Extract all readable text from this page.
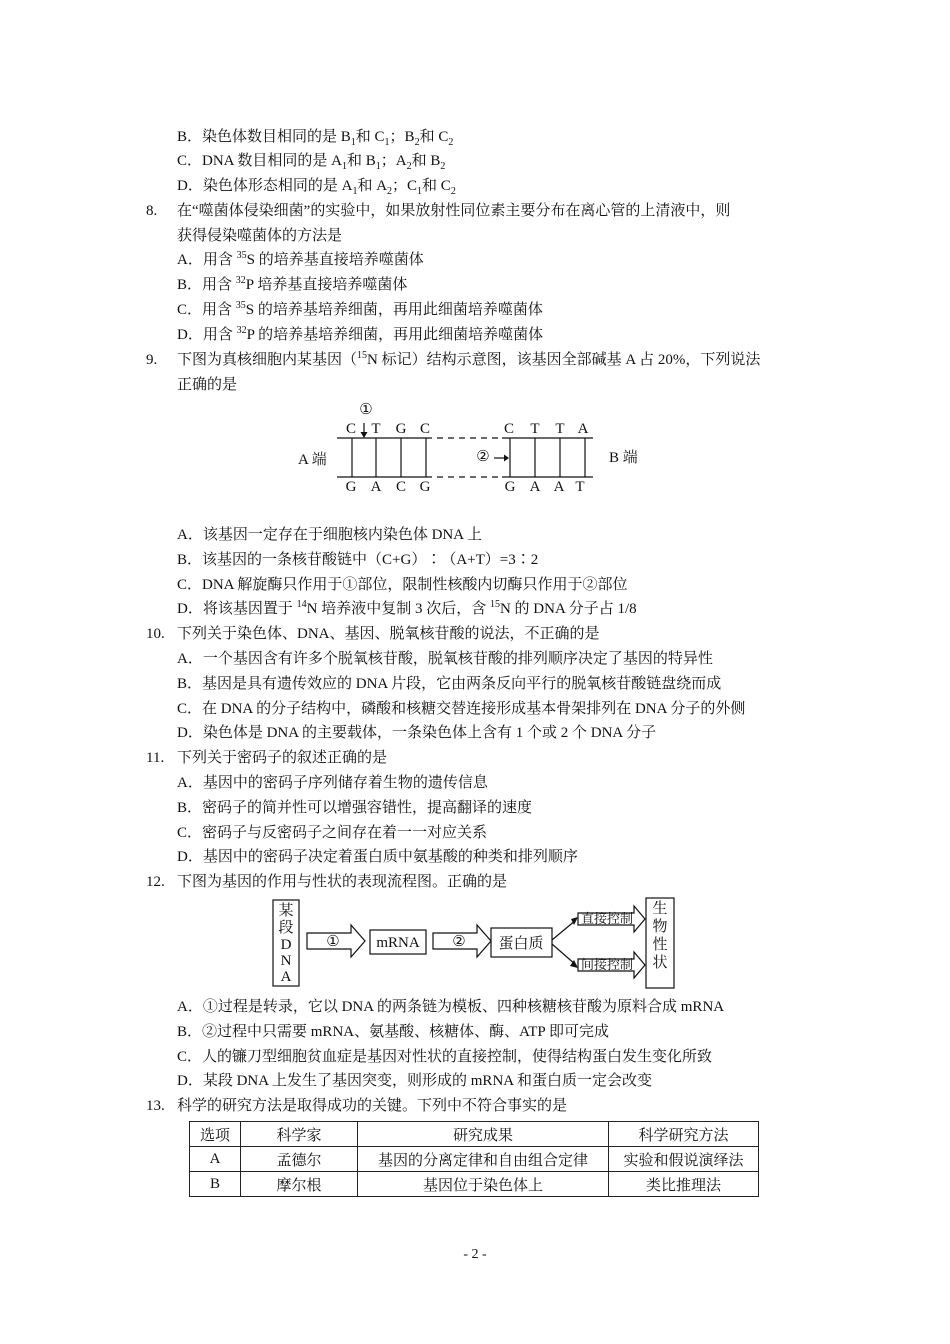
B．染色体数目相同的是 $B_1$和 $C_1$；$B_2$和 $C_2$
C．DNA 数目相同的是 $A_1$和 $B_1$；$A_2$和 $B_2$
D．染色体形态相同的是 $A_1$和 $A_2$；$C_1$和 $C_2$
8. 在“噬菌体侵染细菌”的实验中，如果放射性同位素主要分布在离心管的上清液中，则
获得侵染噬菌体的方法是
A．用含 $^{35}$S 的培养基直接培养噬菌体
B．用含 $^{32}$P 培养基直接培养噬菌体
C．用含 $^{35}$S 的培养基培养细菌，再用此细菌培养噬菌体
D．用含 $^{32}$P 的培养基培养细菌，再用此细菌培养噬菌体
9. 下图为真核细胞内某基因（$^{15}$N 标记）结构示意图，该基因全部碱基 A 占 20%，下列说法
正确的是
①
②
A 端	B 端
C T G C	C T T A
G A C G	G A A T
A．该基因一定存在于细胞核内染色体 DNA 上
B．该基因的一条核苷酸链中（C+G）∶（A+T）=3∶2
C．DNA 解旋酶只作用于①部位，限制性核酸内切酶只作用于②部位
D．将该基因置于 $^{14}$N 培养液中复制 3 次后，含 $^{15}$N 的 DNA 分子占 1/8
10. 下列关于染色体、DNA、基因、脱氧核苷酸的说法，不正确的是
A．一个基因含有许多个脱氧核苷酸，脱氧核苷酸的排列顺序决定了基因的特异性
B．基因是具有遗传效应的 DNA 片段，它由两条反向平行的脱氧核苷酸链盘绕而成
C．在 DNA 的分子结构中，磷酸和核糖交替连接形成基本骨架排列在 DNA 分子的外侧
D．染色体是 DNA 的主要载体，一条染色体上含有 1 个或 2 个 DNA 分子
11. 下列关于密码子的叙述正确的是
A．基因中的密码子序列储存着生物的遗传信息
B．密码子的简并性可以增强容错性，提高翻译的速度
C．密码子与反密码子之间存在着一一对应关系
D．基因中的密码子决定着蛋白质中氨基酸的种类和排列顺序
12. 下图为基因的作用与性状的表现流程图。正确的是
某
段
D
N
A
① mRNA ② 蛋白质
生
物
性
状
直接控制
间接控制
A．①过程是转录，它以 DNA 的两条链为模板、四种核糖核苷酸为原料合成 mRNA
B．②过程中只需要 mRNA、氨基酸、核糖体、酶、ATP 即可完成
C．人的镰刀型细胞贫血症是基因对性状的直接控制，使得结构蛋白发生变化所致
D．某段 DNA 上发生了基因突变，则形成的 mRNA 和蛋白质一定会改变
13. 科学的研究方法是取得成功的关键。下列中不符合事实的是
选项	科学家	研究成果	科学研究方法
A	孟德尔	基因的分离定律和自由组合定律	实验和假说演绎法
B	摩尔根	基因位于染色体上	类比推理法
- 2 -
